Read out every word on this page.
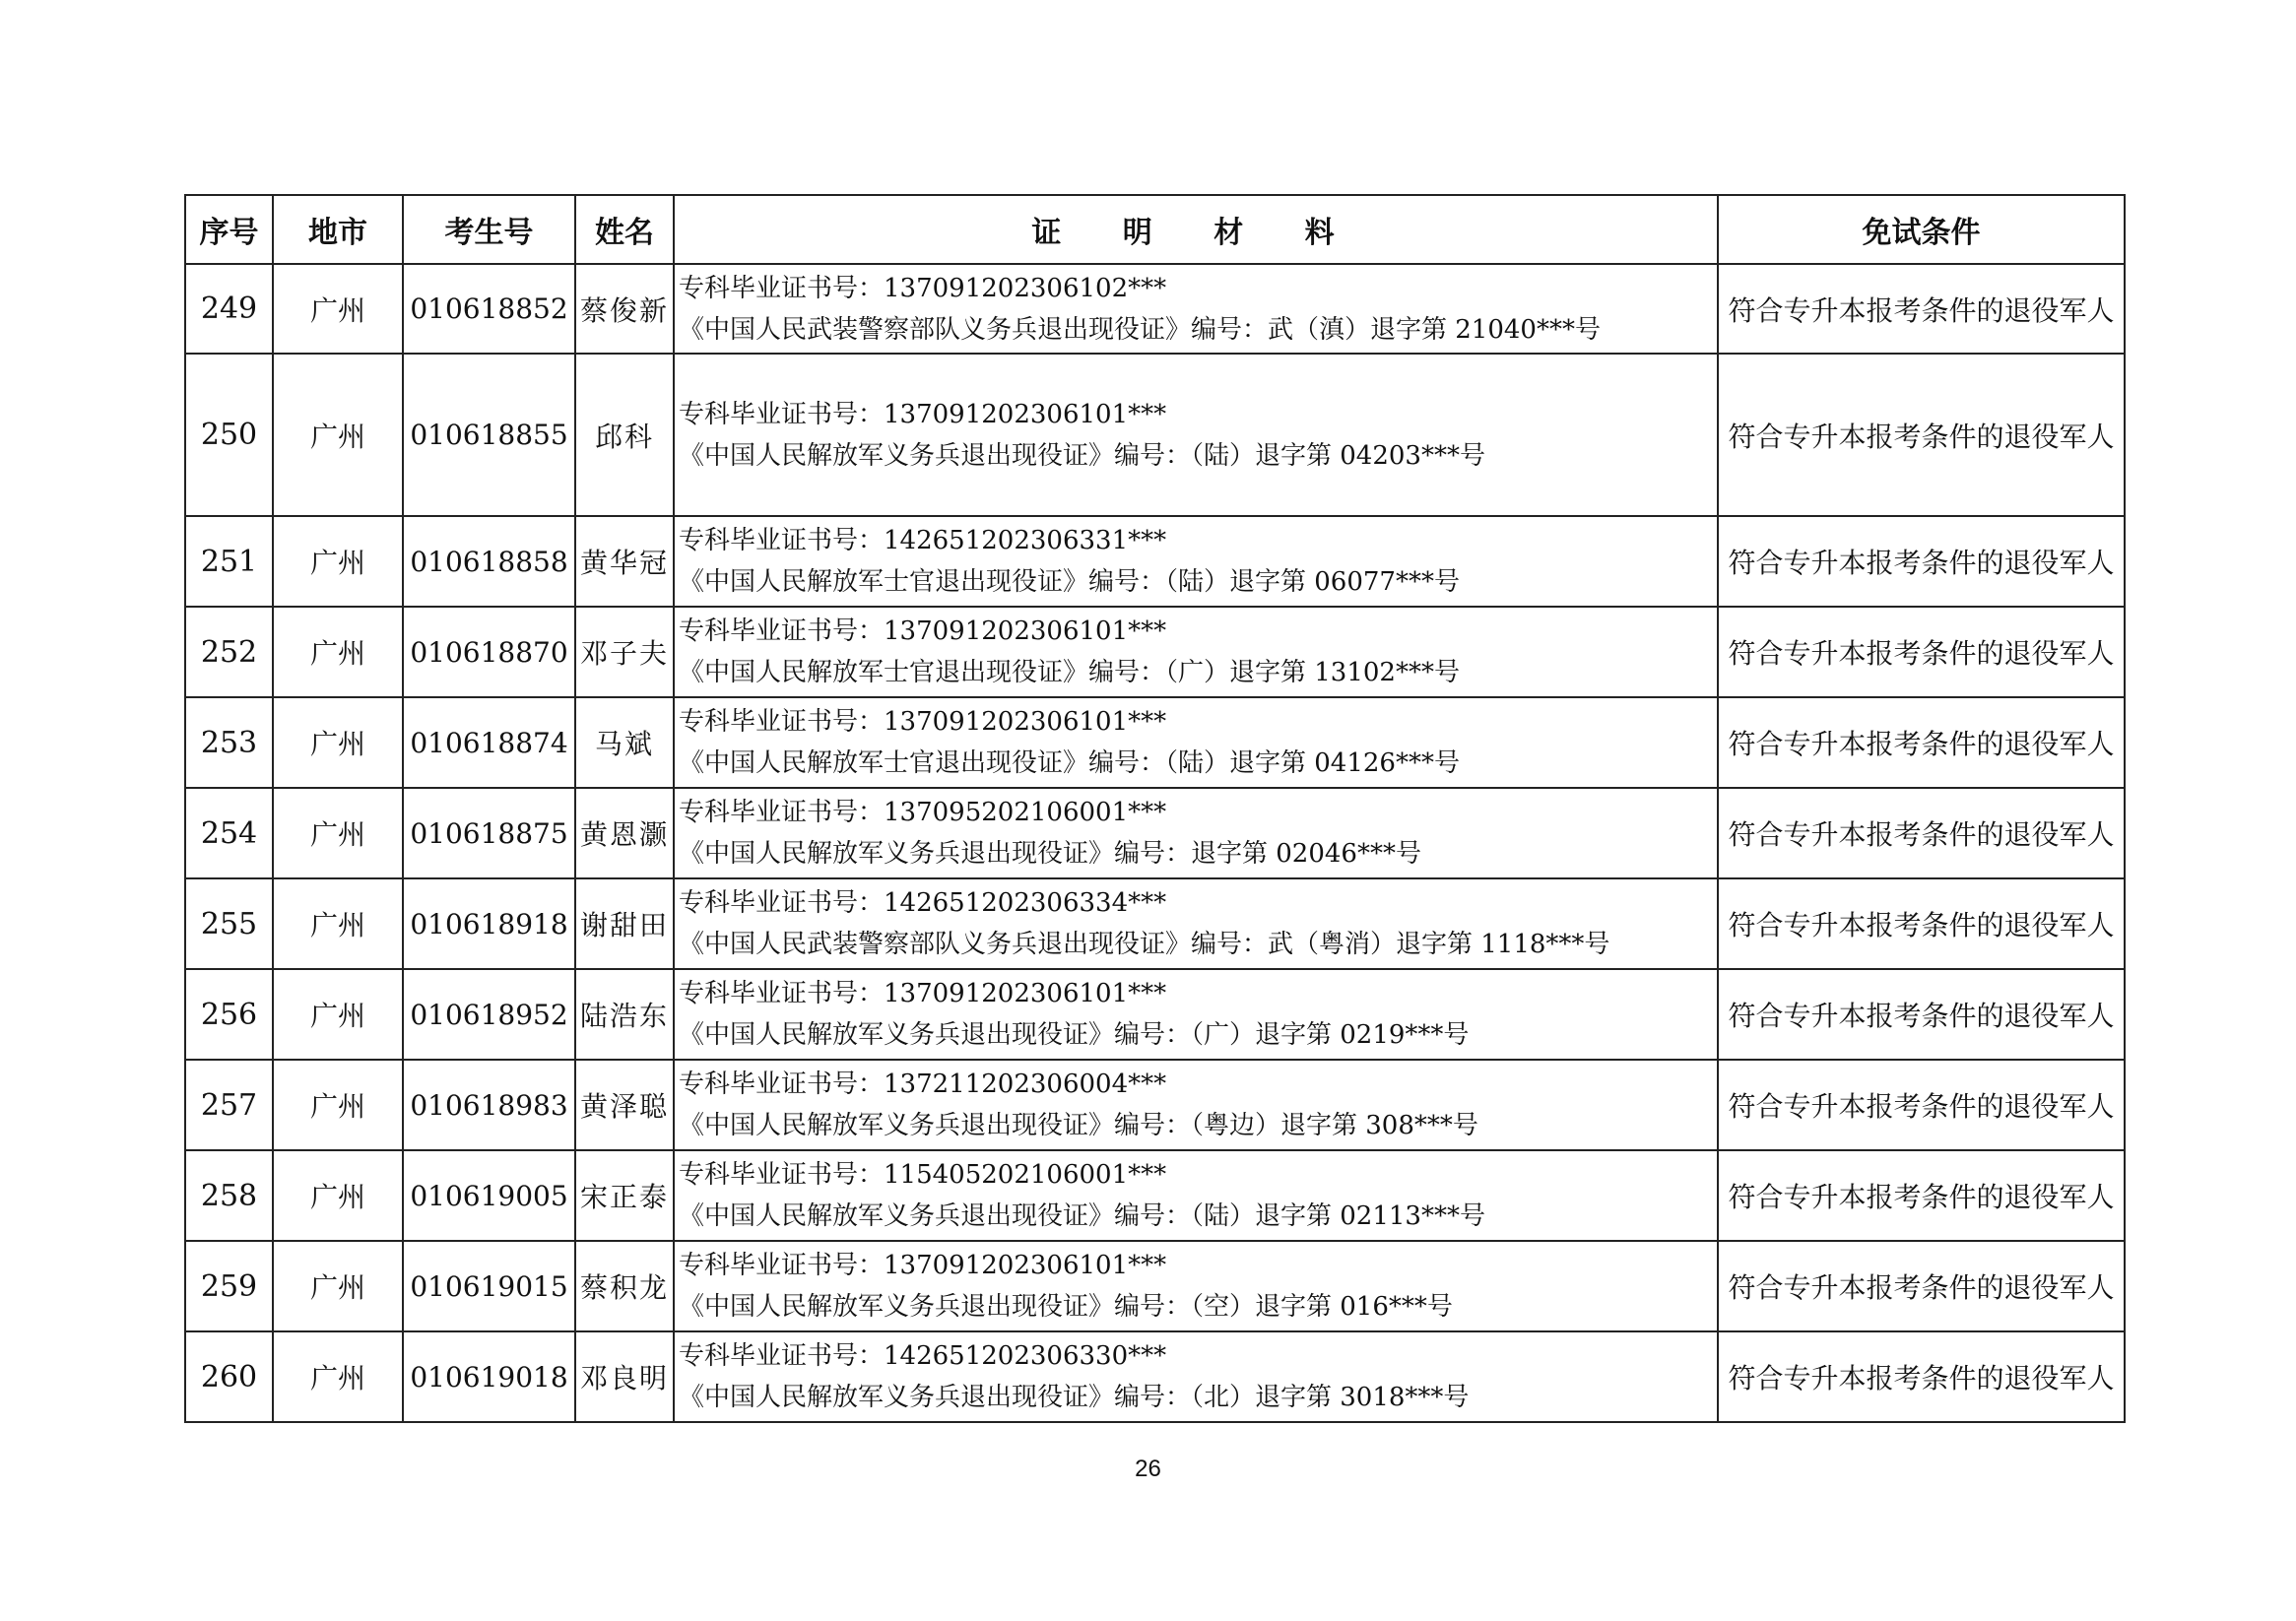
序号	地市	考生号	姓名	证 明 材 料	免试条件
249	广州	010618852	蔡俊新	专科毕业证书号：137091202306102***
《中国人民武装警察部队义务兵退出现役证》编号：武（滇）退字第 21040***号	符合专升本报考条件的退役军人
250	广州	010618855	邱科	专科毕业证书号：137091202306101***
《中国人民解放军义务兵退出现役证》编号：（陆）退字第 04203***号	符合专升本报考条件的退役军人
251	广州	010618858	黄华冠	专科毕业证书号：142651202306331***
《中国人民解放军士官退出现役证》编号：（陆）退字第 06077***号	符合专升本报考条件的退役军人
252	广州	010618870	邓子夫	专科毕业证书号：137091202306101***
《中国人民解放军士官退出现役证》编号：（广）退字第 13102***号	符合专升本报考条件的退役军人
253	广州	010618874	马斌	专科毕业证书号：137091202306101***
《中国人民解放军士官退出现役证》编号：（陆）退字第 04126***号	符合专升本报考条件的退役军人
254	广州	010618875	黄恩灏	专科毕业证书号：137095202106001***
《中国人民解放军义务兵退出现役证》编号：退字第 02046***号	符合专升本报考条件的退役军人
255	广州	010618918	谢甜田	专科毕业证书号：142651202306334***
《中国人民武装警察部队义务兵退出现役证》编号：武（粤消）退字第 1118***号	符合专升本报考条件的退役军人
256	广州	010618952	陆浩东	专科毕业证书号：137091202306101***
《中国人民解放军义务兵退出现役证》编号：（广）退字第 0219***号	符合专升本报考条件的退役军人
257	广州	010618983	黄泽聪	专科毕业证书号：137211202306004***
《中国人民解放军义务兵退出现役证》编号：（粤边）退字第 308***号	符合专升本报考条件的退役军人
258	广州	010619005	宋正泰	专科毕业证书号：115405202106001***
《中国人民解放军义务兵退出现役证》编号：（陆）退字第 02113***号	符合专升本报考条件的退役军人
259	广州	010619015	蔡积龙	专科毕业证书号：137091202306101***
《中国人民解放军义务兵退出现役证》编号：（空）退字第 016***号	符合专升本报考条件的退役军人
260	广州	010619018	邓良明	专科毕业证书号：142651202306330***
《中国人民解放军义务兵退出现役证》编号：（北）退字第 3018***号	符合专升本报考条件的退役军人
26
